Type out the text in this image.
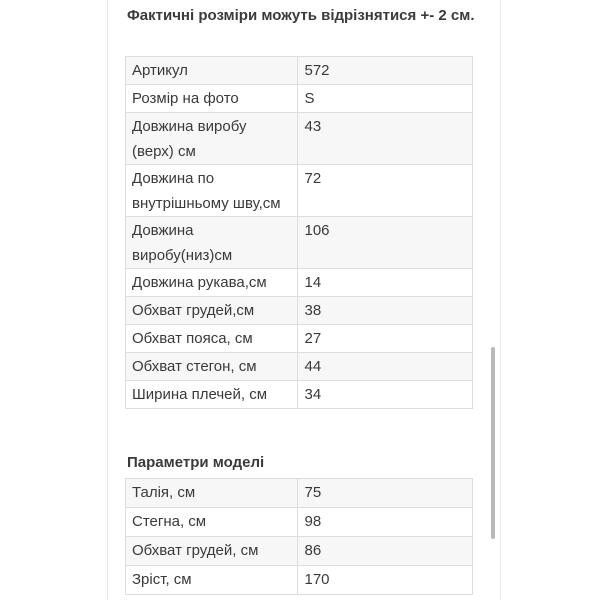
Фактичні розміри можуть відрізнятися +- 2 см.
Артикул	572
Розмір на фото	S
Довжина виробу (верх) см	43
Довжина по внутрішньому шву,см	72
Довжина виробу(низ)см	106
Довжина рукава,см	14
Обхват грудей,см	38
Обхват пояса, см	27
Обхват стегон, см	44
Ширина плечей, см	34
Параметри моделі
Талія, см	75
Стегна, см	98
Обхват грудей, см	86
Зріст, см	170
